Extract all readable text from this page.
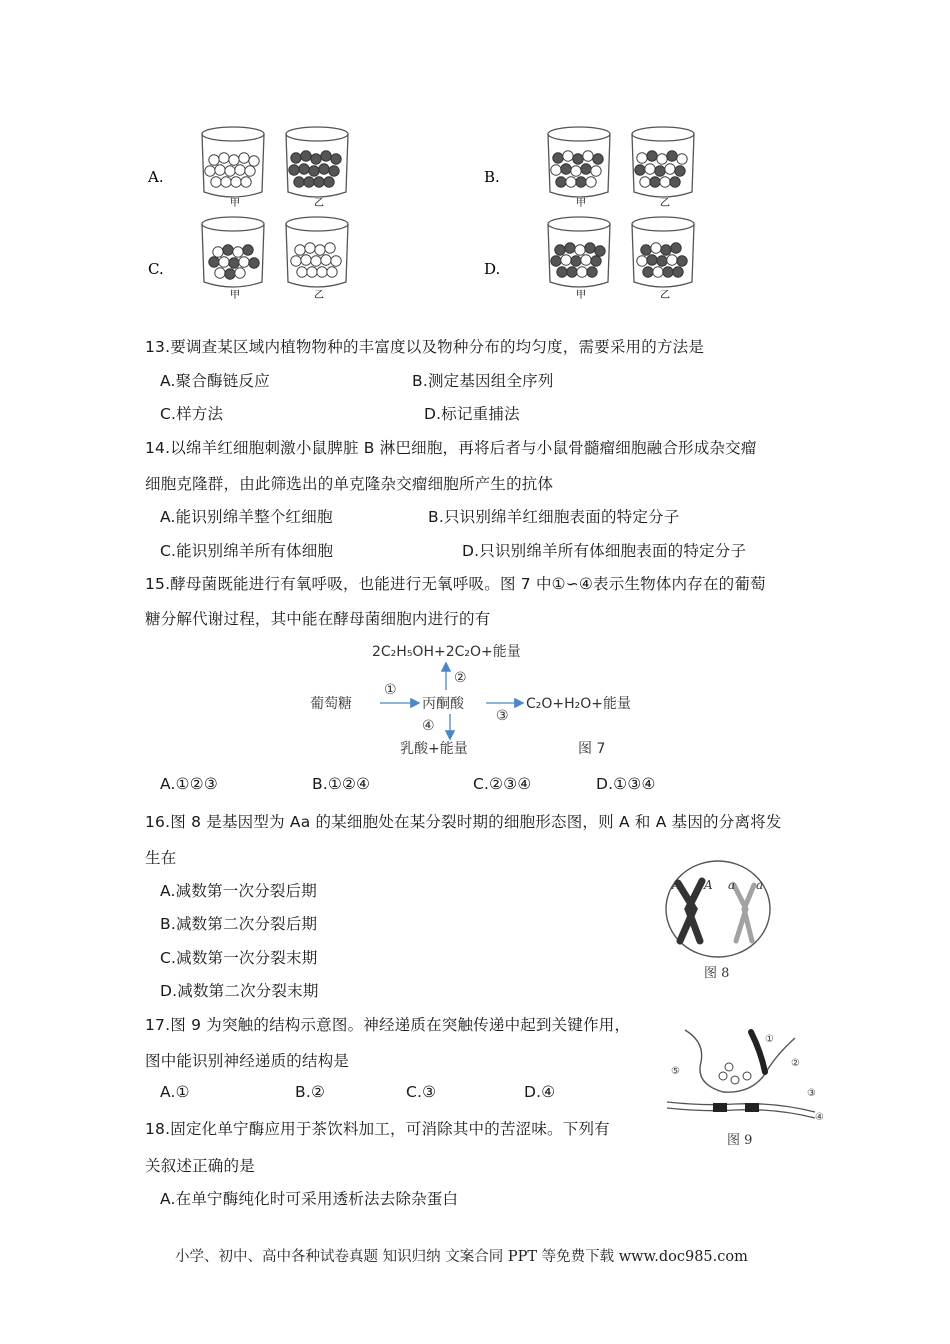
A.
甲	乙
B.
甲	乙
C.
甲	乙
D.
甲	乙
13.要调查某区域内植物物种的丰富度以及物种分布的均匀度，需要采用的方法是
A.聚合酶链反应	B.测定基因组全序列
C.样方法	D.标记重捕法
14.以绵羊红细胞刺激小鼠脾脏 B 淋巴细胞，再将后者与小鼠骨髓瘤细胞融合形成杂交瘤
细胞克隆群，由此筛选出的单克隆杂交瘤细胞所产生的抗体
A.能识别绵羊整个红细胞	B.只识别绵羊红细胞表面的特定分子
C.能识别绵羊所有体细胞	D.只识别绵羊所有体细胞表面的特定分子
15.酵母菌既能进行有氧呼吸，也能进行无氧呼吸。图 7 中①∽④表示生物体内存在的葡萄
糖分解代谢过程，其中能在酵母菌细胞内进行的有
2C₂H₅OH+2C₂O+能量
葡萄糖
①
丙酮酸
②
④
③
C₂O+H₂O+能量
乳酸+能量	图 7
A.①②③	B.①②④	C.②③④	D.①③④
16.图 8 是基因型为 Aa 的某细胞处在某分裂时期的细胞形态图，则 A 和 A 基因的分离将发
生在
A.减数第一次分裂后期
B.减数第二次分裂后期
C.减数第一次分裂末期
D.减数第二次分裂末期
A A a a
图 8
17.图 9 为突触的结构示意图。神经递质在突触传递中起到关键作用，
图中能识别神经递质的结构是
A.①	B.②	C.③	D.④
①
②
③
④
⑤
图 9
18.固定化单宁酶应用于茶饮料加工，可消除其中的苦涩味。下列有
关叙述正确的是
A.在单宁酶纯化时可采用透析法去除杂蛋白
小学、初中、高中各种试卷真题 知识归纳 文案合同 PPT 等免费下载 www.doc985.com
